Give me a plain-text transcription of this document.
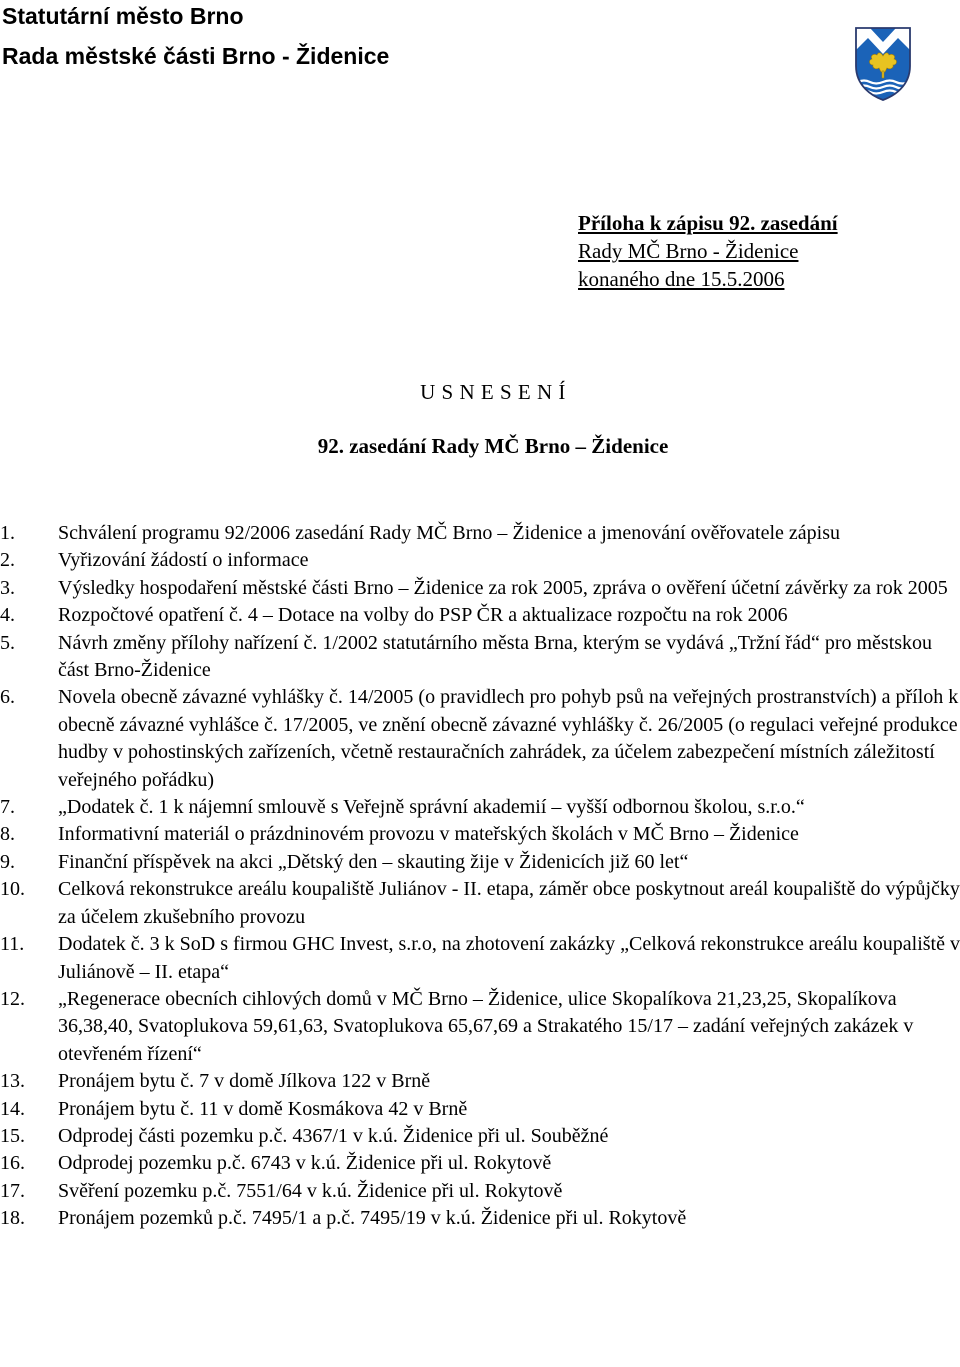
Statutární město Brno
Rada městské části Brno - Židenice
Příloha k zápisu 92. zasedání
Rady MČ Brno - Židenice
konaného dne 15.5.2006
U S N E S E N Í
92. zasedání Rady MČ Brno – Židenice
1.	Schválení programu 92/2006 zasedání Rady MČ Brno – Židenice a jmenování ověřovatele zápisu
2.	Vyřizování žádostí o informace
3.	Výsledky hospodaření městské části Brno – Židenice za rok 2005, zpráva o ověření účetní závěrky za rok 2005
4.	Rozpočtové opatření č. 4 – Dotace na volby do PSP ČR a aktualizace rozpočtu na rok 2006
5.	Návrh změny přílohy nařízení č. 1/2002 statutárního města Brna, kterým se vydává „Tržní řád“ pro městskou část Brno-Židenice
6.	Novela obecně závazné vyhlášky č. 14/2005 (o pravidlech pro pohyb psů na veřejných prostranstvích) a příloh k obecně závazné vyhlášce č. 17/2005, ve znění obecně závazné vyhlášky č. 26/2005 (o regulaci veřejné produkce hudby v pohostinských zařízeních, včetně restauračních zahrádek, za účelem zabezpečení místních záležitostí veřejného pořádku)
7.	„Dodatek č. 1 k nájemní smlouvě s Veřejně správní akademií – vyšší odbornou školou, s.r.o.“
8.	Informativní materiál o prázdninovém provozu v mateřských školách v MČ Brno – Židenice
9.	Finanční příspěvek na akci „Dětský den – skauting žije v Židenicích již 60 let“
10.	Celková rekonstrukce areálu koupaliště Juliánov - II. etapa, záměr obce poskytnout areál koupaliště do výpůjčky za účelem zkušebního provozu
11.	Dodatek č. 3 k SoD s firmou GHC Invest, s.r.o, na zhotovení zakázky „Celková rekonstrukce areálu koupaliště v Juliánově – II. etapa“
12.	„Regenerace obecních cihlových domů v MČ Brno – Židenice, ulice Skopalíkova 21,23,25, Skopalíkova 36,38,40, Svatoplukova 59,61,63, Svatoplukova 65,67,69 a Strakatého 15/17 – zadání veřejných zakázek v otevřeném řízení“
13.	Pronájem bytu č. 7 v domě Jílkova 122 v Brně
14.	Pronájem bytu č. 11 v domě Kosmákova 42 v Brně
15.	Odprodej části pozemku p.č. 4367/1 v k.ú. Židenice při ul. Souběžné
16.	Odprodej pozemku p.č. 6743 v k.ú. Židenice při ul. Rokytově
17.	Svěření pozemku p.č. 7551/64 v k.ú. Židenice při ul. Rokytově
18.	Pronájem pozemků p.č. 7495/1 a p.č. 7495/19 v k.ú. Židenice při ul. Rokytově
